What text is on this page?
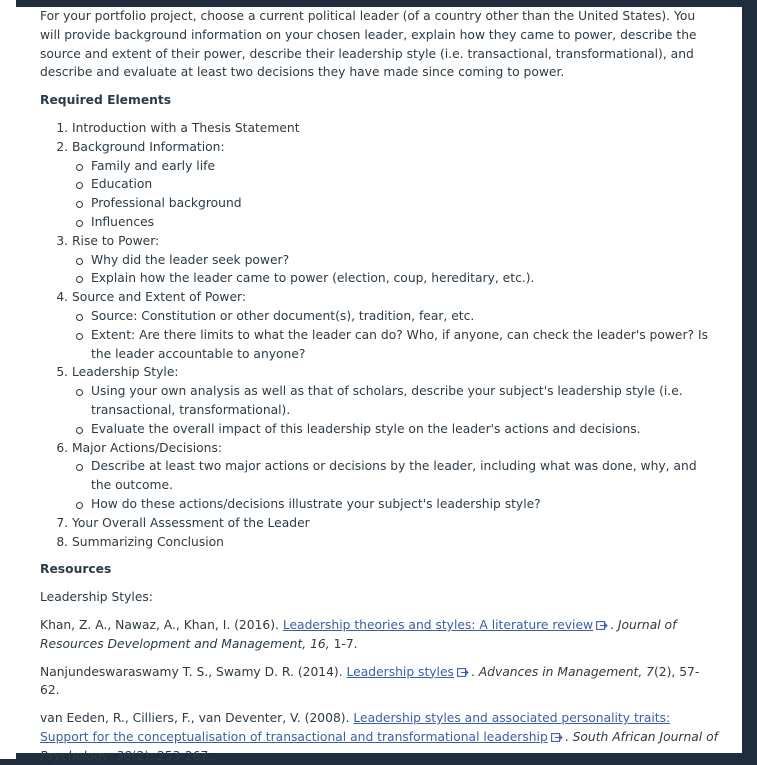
For your portfolio project, choose a current political leader (of a country other than the United States). You will provide background information on your chosen leader, explain how they came to power, describe the source and extent of their power, describe their leadership style (i.e. transactional, transformational), and describe and evaluate at least two decisions they have made since coming to power.

Required Elements
1. Introduction with a Thesis Statement
2. Background Information:
Family and early life
Education
Professional background
Influences
3. Rise to Power:
Why did the leader seek power?
Explain how the leader came to power (election, coup, hereditary, etc.).
4. Source and Extent of Power:
Source: Constitution or other document(s), tradition, fear, etc.
Extent: Are there limits to what the leader can do? Who, if anyone, can check the leader's power? Is the leader accountable to anyone?
5. Leadership Style:
Using your own analysis as well as that of scholars, describe your subject's leadership style (i.e. transactional, transformational).
Evaluate the overall impact of this leadership style on the leader's actions and decisions.
6. Major Actions/Decisions:
Describe at least two major actions or decisions by the leader, including what was done, why, and the outcome.
How do these actions/decisions illustrate your subject's leadership style?
7. Your Overall Assessment of the Leader
8. Summarizing Conclusion
Resources

Leadership Styles:

Khan, Z. A., Nawaz, A., Khan, I. (2016). Leadership theories and styles: A literature review . Journal of Resources Development and Management, 16, 1-7.

Nanjundeswaraswamy T. S., Swamy D. R. (2014). Leadership styles . Advances in Management, 7(2), 57-62.

van Eeden, R., Cilliers, F., van Deventer, V. (2008). Leadership styles and associated personality traits: Support for the conceptualisation of transactional and transformational leadership . South African Journal of Psychology, 38(2), 253-267.
